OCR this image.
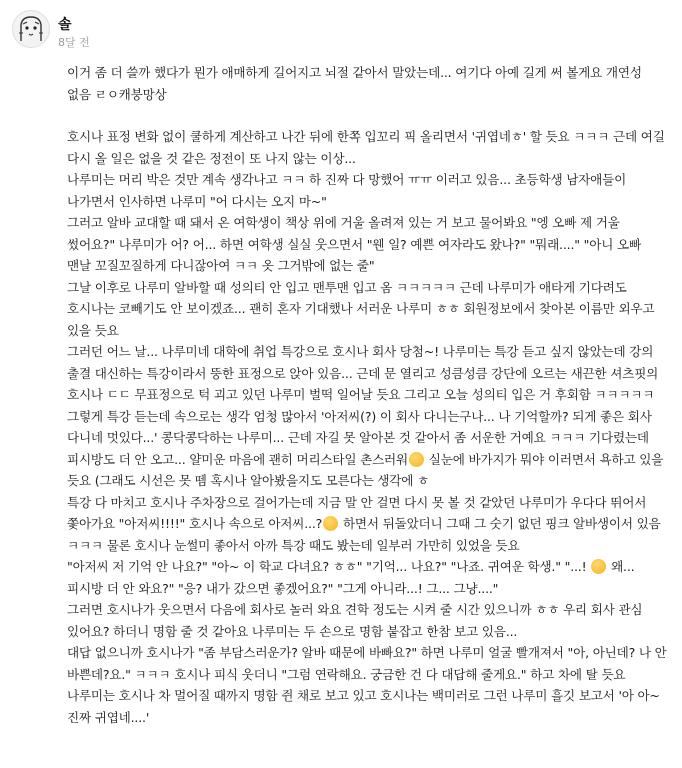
솔
8달 전

이거 좀 더 쓸까 했다가 뭔가 애매하게 길어지고 뇌절 같아서 말았는데... 여기다 아예 길게 써 볼게요 개연성 없음 ㄹㅇ캐붕망상

호시나 표정 변화 없이 쿨하게 계산하고 나간 뒤에 한쪽 입꼬리 픽 올리면서 '귀엽네ㅎ' 할 듯요 ㅋㅋㅋ 근데 여길 다시 올 일은 없을 것 같은 정전이 또 나지 않는 이상...

나루미는 머리 박은 것만 계속 생각나고 ㅋㅋ 하 진짜 다 망했어 ㅠㅠ 이러고 있음... 초등학생 남자애들이 나가면서 인사하면 나루미 "어 다시는 오지 마~"

그러고 알바 교대할 때 돼서 온 여학생이 책상 위에 거울 올려져 있는 거 보고 물어봐요 "엥 오빠 제 거울 썼어요?" 나루미가 어? 어... 하면 여학생 실실 웃으면서 "웬 일? 예쁜 여자라도 왔나?" "뭐래...." "아니 오빠 맨날 꼬질꼬질하게 다니잖아여 ㅋㅋ 옷 그거밖에 없는 줄"

그날 이후로 나루미 알바할 때 성의티 안 입고 맨투맨 입고 옴 ㅋㅋㅋㅋㅋ 근데 나루미가 애타게 기다려도 호시나는 코빼기도 안 보이겠죠... 괜히 혼자 기대했나 서러운 나루미 ㅎㅎ 회원정보에서 찾아본 이름만 외우고 있을 듯요

그러던 어느 날... 나루미네 대학에 취업 특강으로 호시나 회사 당첨~! 나루미는 특강 듣고 싶지 않았는데 강의 출결 대신하는 특강이라서 뚱한 표정으로 앉아 있음... 근데 문 열리고 성큼성큼 강단에 오르는 새끈한 셔츠핏의 호시나 ㄷㄷ 무표정으로 턱 괴고 있던 나루미 벌떡 일어날 듯요 그리고 오늘 성의티 입은 거 후회함 ㅋㅋㅋㅋㅋ

그렇게 특강 듣는데 속으로는 생각 엄청 많아서 '아저씨(?) 이 회사 다니는구나... 나 기억할까? 되게 좋은 회사 다니네 멋있다...' 콩닥콩닥하는 나루미... 근데 자길 못 알아본 것 같아서 좀 서운한 거예요 ㅋㅋㅋ 기다렸는데 피시방도 더 안 오고... 얄미운 마음에 괜히 머리스타일 촌스러워 실눈에 바가지가 뭐야 이러면서 욕하고 있을 듯요 (그래도 시선은 못 뗌 혹시나 알아봤을지도 모른다는 생각에 ㅎ

특강 다 마치고 호시나 주차장으로 걸어가는데 지금 말 안 걸면 다시 못 볼 것 같았던 나루미가 우다다 뛰어서 쫓아가요 "아저씨!!!!" 호시나 속으로 아저씨...? 하면서 뒤돌았더니 그때 그 숫기 없던 핑크 알바생이서 있음 ㅋㅋㅋ 물론 호시나 눈썰미 좋아서 아까 특강 때도 봤는데 일부러 가만히 있었을 듯요

"아저씨 저 기억 안 나요?" "아~ 이 학교 다녀요? ㅎㅎ" "기억... 나요?" "나죠. 귀여운 학생." "...!  왜... 피시방 더 안 와요?" "응? 내가 갔으면 좋겠어요?" "그게 아니라...! 그... 그냥...."

그러면 호시나가 웃으면서 다음에 회사로 놀러 와요 견학 정도는 시켜 줄 시간 있으니까 ㅎㅎ 우리 회사 관심 있어요? 하더니 명함 줄 것 같아요 나루미는 두 손으로 명함 붙잡고 한참 보고 있음...

대답 없으니까 호시나가 "좀 부담스러운가? 알바 때문에 바빠요?" 하면 나루미 얼굴 빨개져서 "아, 아닌데? 나 안 바쁜데?요." ㅋㅋㅋ 호시나 피식 웃더니 "그럼 연락해요. 궁금한 건 다 대답해 줄게요." 하고 차에 탈 듯요

나루미는 호시나 차 멀어질 때까지 명함 쥔 채로 보고 있고 호시나는 백미러로 그런 나루미 흘깃 보고서 '아 아~ 진짜 귀엽네....'
